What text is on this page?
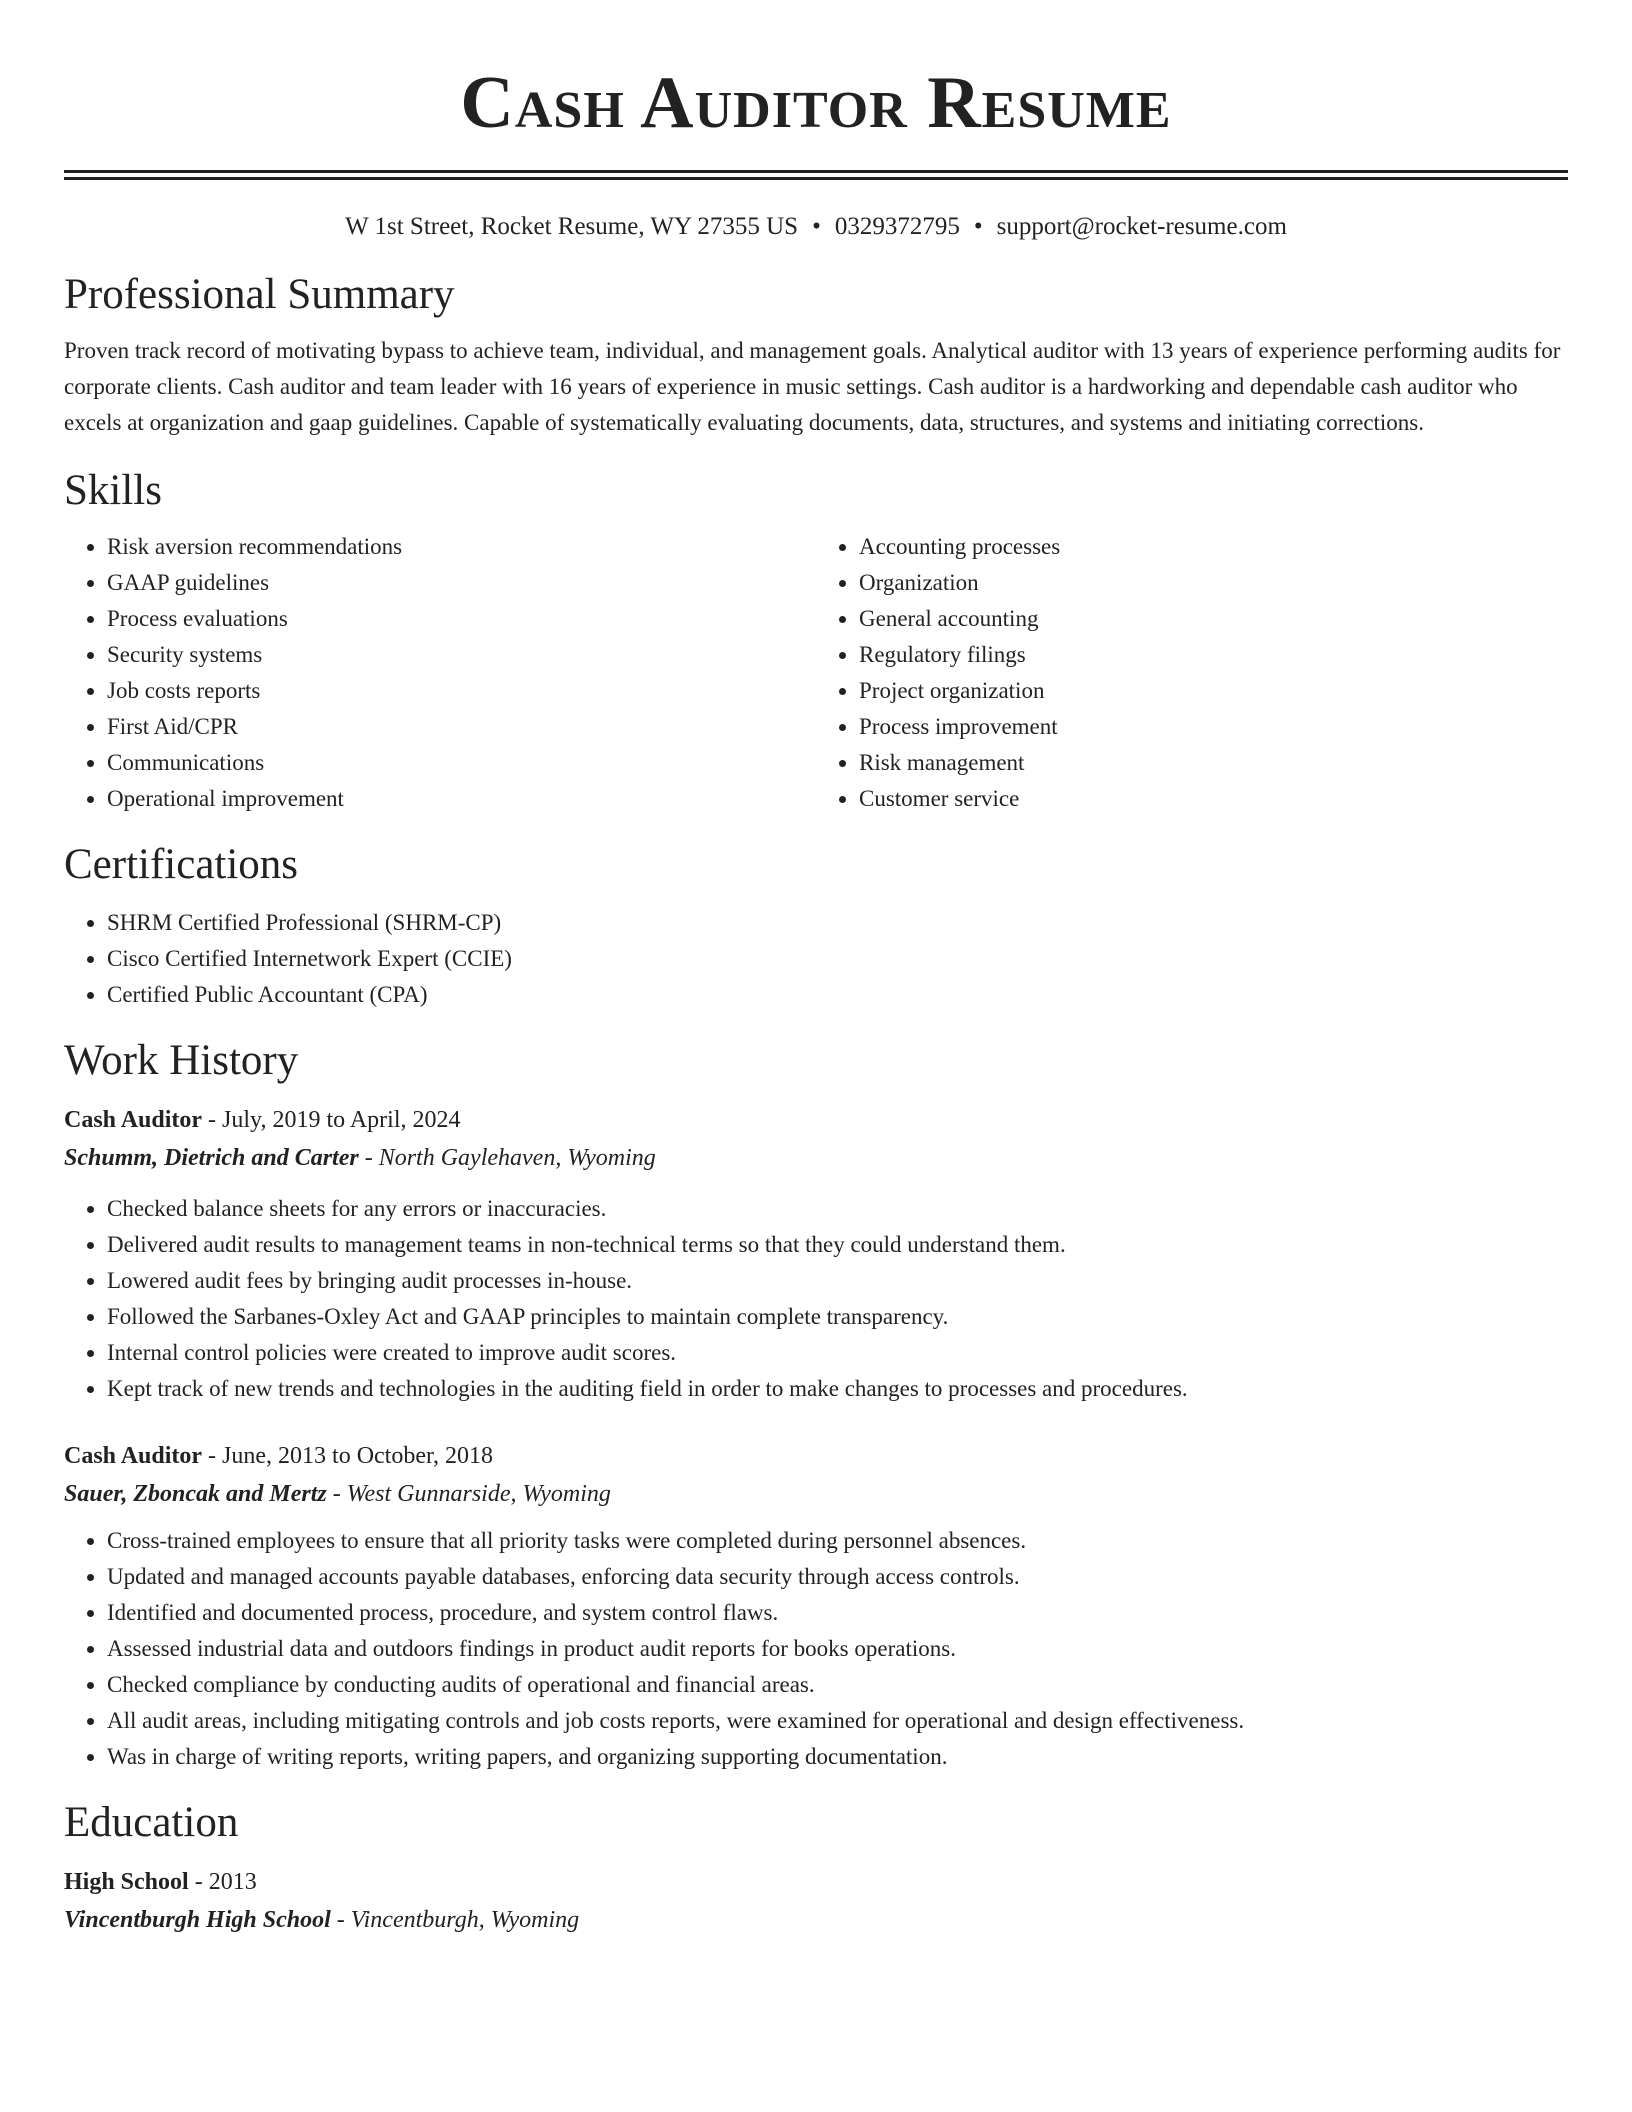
Cash Auditor Resume
W 1st Street, Rocket Resume, WY 27355 US • 0329372795 • support@rocket-resume.com
Professional Summary

Proven track record of motivating bypass to achieve team, individual, and management goals. Analytical auditor with 13 years of experience performing audits for corporate clients. Cash auditor and team leader with 16 years of experience in music settings. Cash auditor is a hardworking and dependable cash auditor who excels at organization and gaap guidelines. Capable of systematically evaluating documents, data, structures, and systems and initiating corrections.

Skills
• Risk aversion recommendations
• GAAP guidelines
• Process evaluations
• Security systems
• Job costs reports
• First Aid/CPR
• Communications
• Operational improvement
• Accounting processes
• Organization
• General accounting
• Regulatory filings
• Project organization
• Process improvement
• Risk management
• Customer service
Certifications
• SHRM Certified Professional (SHRM-CP)
• Cisco Certified Internetwork Expert (CCIE)
• Certified Public Accountant (CPA)
Work History
Cash Auditor - July, 2019 to April, 2024
Schumm, Dietrich and Carter - North Gaylehaven, Wyoming
• Checked balance sheets for any errors or inaccuracies.
• Delivered audit results to management teams in non-technical terms so that they could understand them.
• Lowered audit fees by bringing audit processes in-house.
• Followed the Sarbanes-Oxley Act and GAAP principles to maintain complete transparency.
• Internal control policies were created to improve audit scores.
• Kept track of new trends and technologies in the auditing field in order to make changes to processes and procedures.
Cash Auditor - June, 2013 to October, 2018
Sauer, Zboncak and Mertz - West Gunnarside, Wyoming
• Cross-trained employees to ensure that all priority tasks were completed during personnel absences.
• Updated and managed accounts payable databases, enforcing data security through access controls.
• Identified and documented process, procedure, and system control flaws.
• Assessed industrial data and outdoors findings in product audit reports for books operations.
• Checked compliance by conducting audits of operational and financial areas.
• All audit areas, including mitigating controls and job costs reports, were examined for operational and design effectiveness.
• Was in charge of writing reports, writing papers, and organizing supporting documentation.
Education
High School - 2013
Vincentburgh High School - Vincentburgh, Wyoming
